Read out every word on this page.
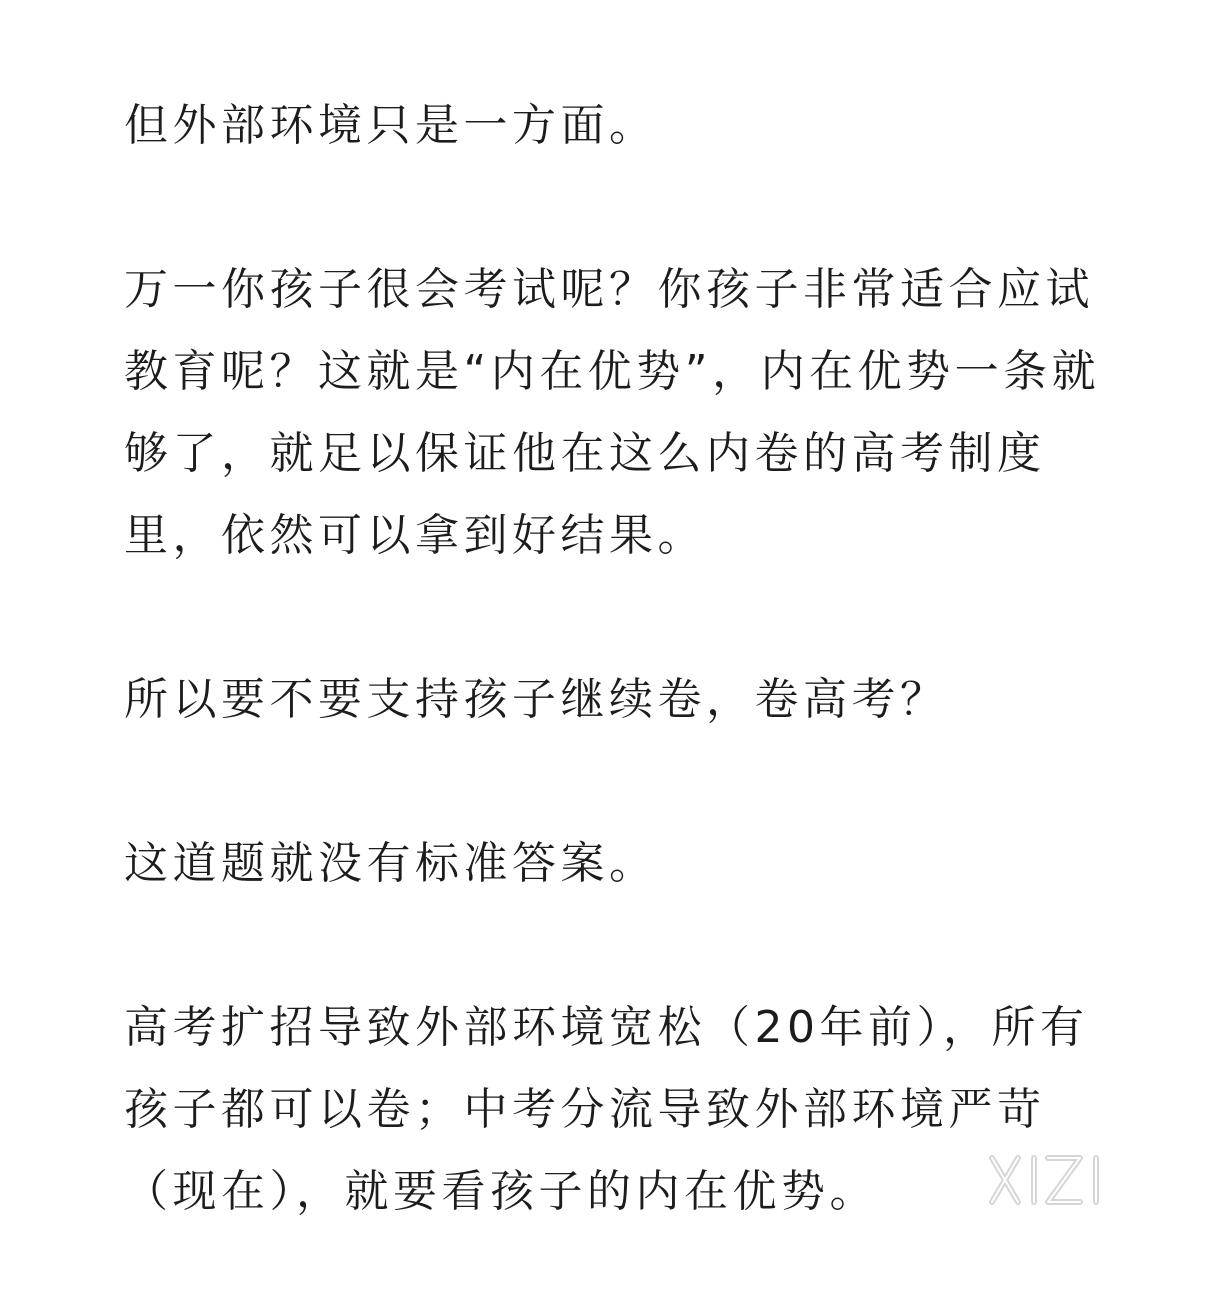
但外部环境只是一方面。

万一你孩子很会考试呢？你孩子非常适合应试教育呢？这就是“内在优势”，内在优势一条就够了，就足以保证他在这么内卷的高考制度里，依然可以拿到好结果。

所以要不要支持孩子继续卷，卷高考？

这道题就没有标准答案。

高考扩招导致外部环境宽松（20年前），所有孩子都可以卷；中考分流导致外部环境严苛（现在），就要看孩子的内在优势。
